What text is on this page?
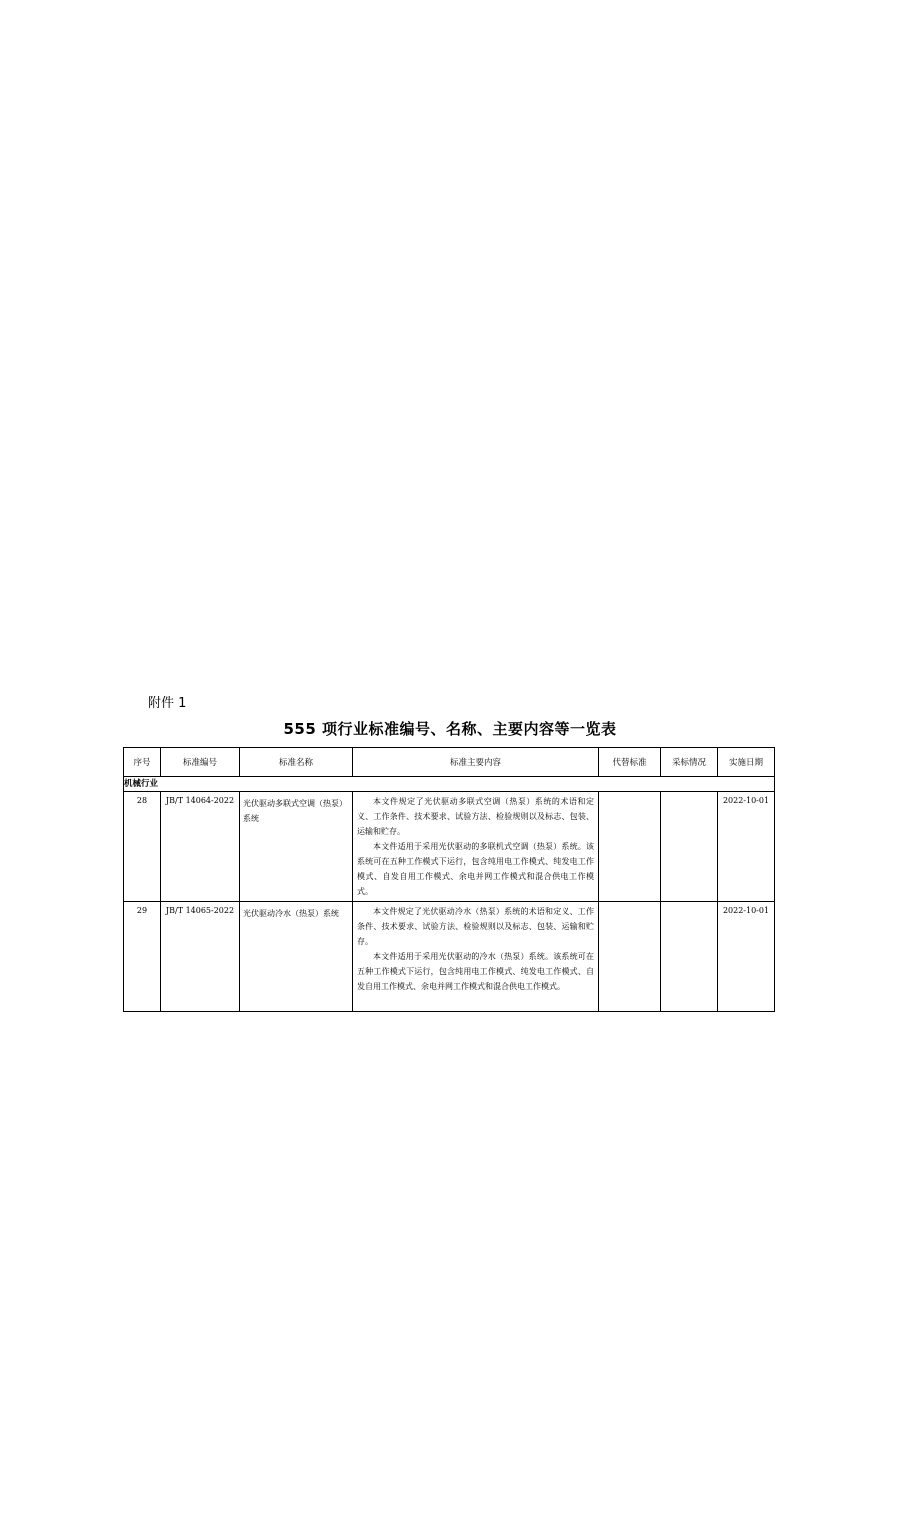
附件 1
555 项行业标准编号、名称、主要内容等一览表
序号	标准编号	标准名称	标准主要内容	代替标准	采标情况	实施日期
机械行业						
28	JB/T 14064-2022	光伏驱动多联式空调（热泵）系统	本文件规定了光伏驱动多联式空调（热泵）系统的术语和定义、工作条件、技术要求、试验方法、检验规则以及标志、包装、运输和贮存。

本文件适用于采用光伏驱动的多联机式空调（热泵）系统。该系统可在五种工作模式下运行，包含纯用电工作模式、纯发电工作模式、自发自用工作模式、余电并网工作模式和混合供电工作模式。			2022-10-01
29	JB/T 14065-2022	光伏驱动冷水（热泵）系统	本文件规定了光伏驱动冷水（热泵）系统的术语和定义、工作条件、技术要求、试验方法、检验规则以及标志、包装、运输和贮存。

本文件适用于采用光伏驱动的冷水（热泵）系统。该系统可在五种工作模式下运行，包含纯用电工作模式、纯发电工作模式、自发自用工作模式、余电并网工作模式和混合供电工作模式。			2022-10-01
